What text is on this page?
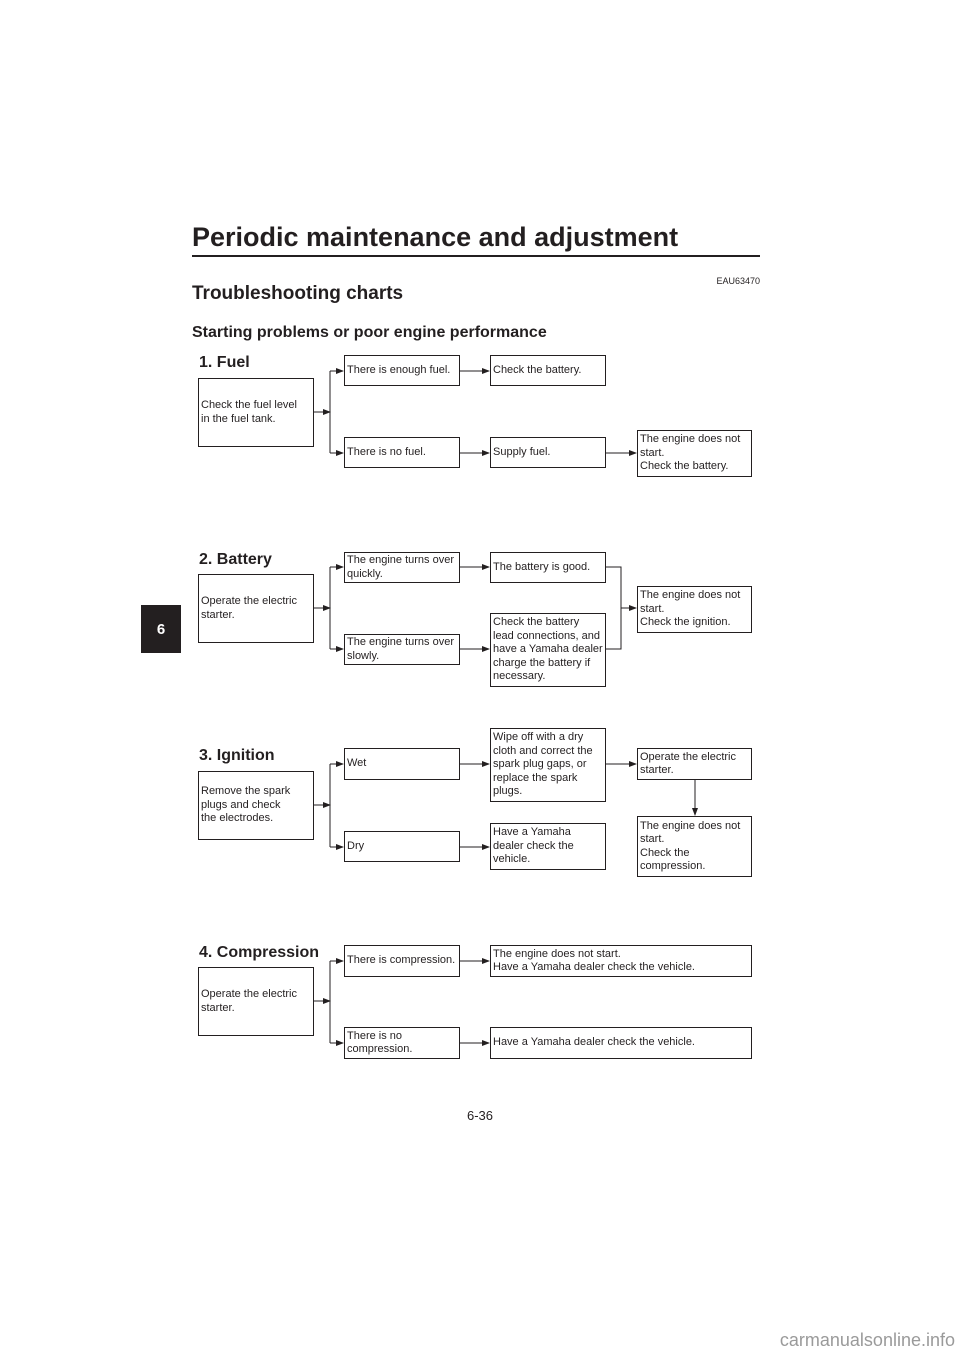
Periodic maintenance and adjustment
EAU63470
Troubleshooting charts
Starting problems or poor engine performance
6
1. Fuel
Check the fuel level
in the fuel tank.
There is enough fuel.
There is no fuel.
Check the battery.
Supply fuel.
The engine does not
start.
Check the battery.
2. Battery
Operate the electric
starter.
The engine turns over
quickly.
The engine turns over
slowly.
The battery is good.
Check the battery
lead connections, and
have a Yamaha dealer
charge the battery if
necessary.
The engine does not
start.
Check the ignition.
3. Ignition
Remove the spark
plugs and check
the electrodes.
Wet
Dry
Wipe off with a dry
cloth and correct the
spark plug gaps, or
replace the spark
plugs.
Have a Yamaha
dealer check the
vehicle.
Operate the electric
starter.
The engine does not
start.
Check the
compression.
4. Compression
Operate the electric
starter.
There is compression.
There is no
compression.
The engine does not start.
Have a Yamaha dealer check the vehicle.
Have a Yamaha dealer check the vehicle.
6-36
carmanualsonline.info
